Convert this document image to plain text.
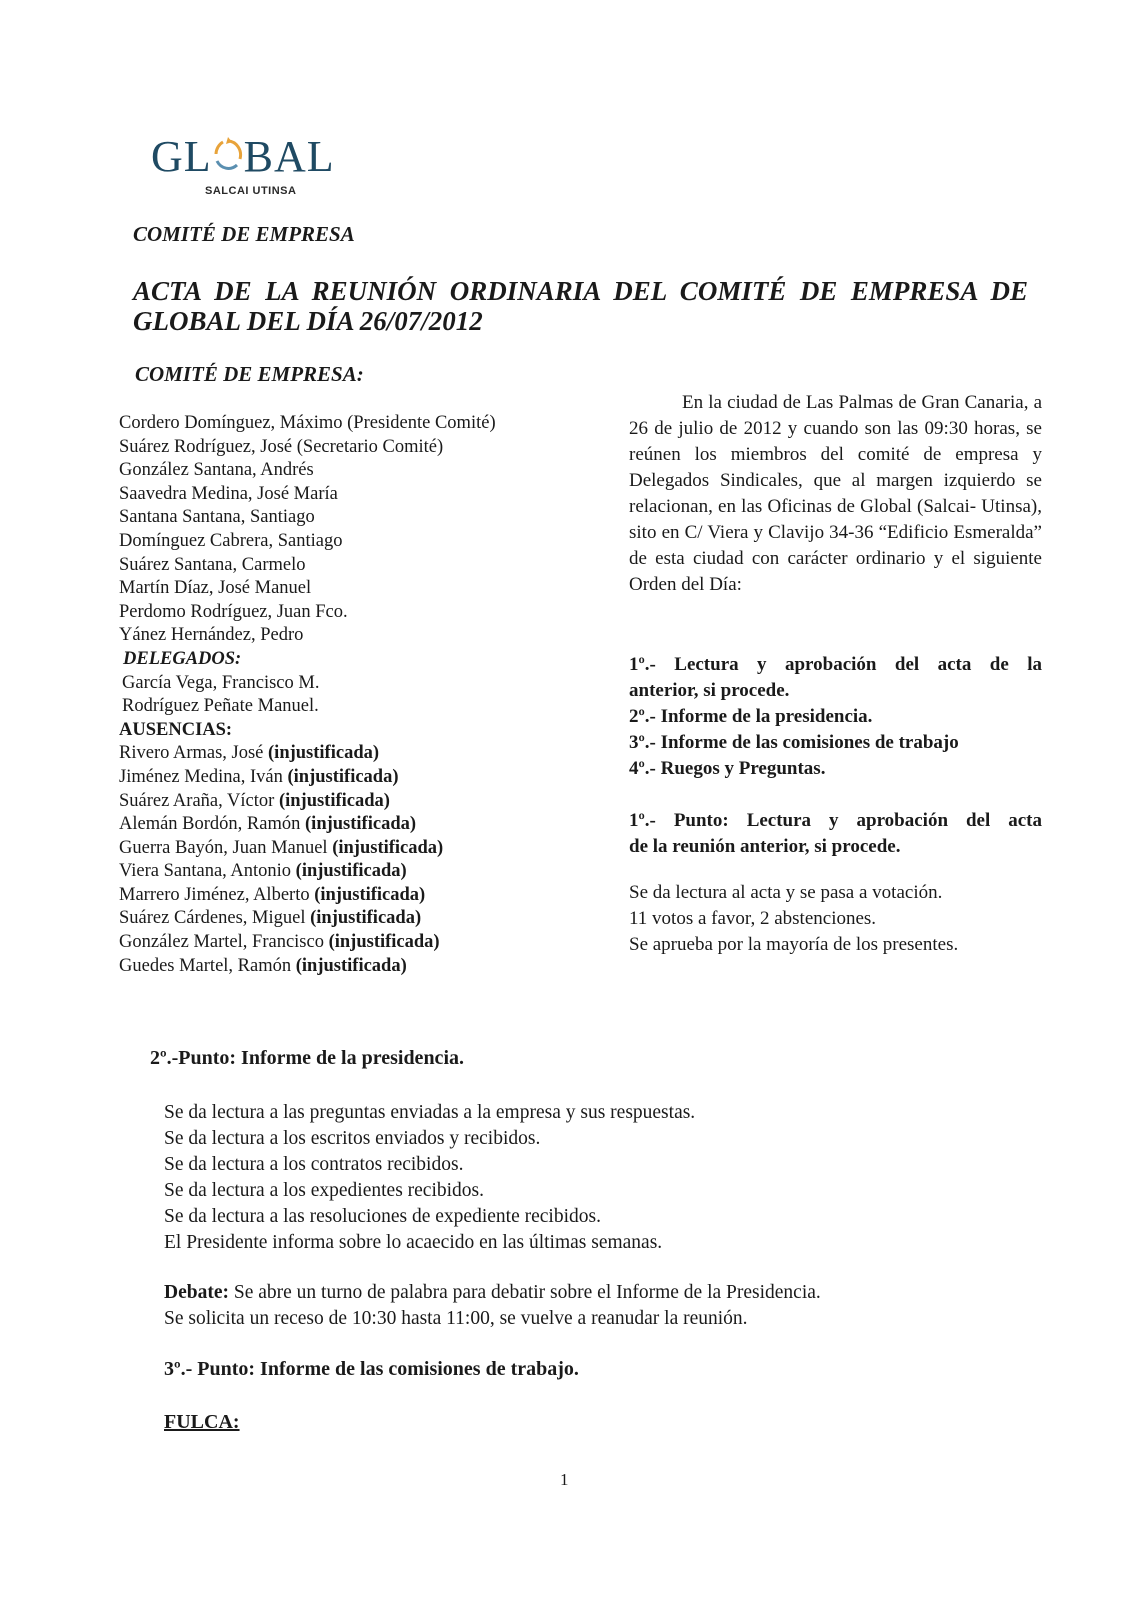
GL BAL
SALCAI UTINSA
COMITÉ DE EMPRESA
ACTA DE LA REUNIÓN ORDINARIA DEL COMITÉ DE EMPRESA DE
GLOBAL DEL DÍA 26/07/2012
COMITÉ DE EMPRESA:
Cordero Domínguez, Máximo (Presidente Comité)
Suárez Rodríguez, José (Secretario Comité)
González Santana, Andrés
Saavedra Medina, José María
Santana Santana, Santiago
Domínguez Cabrera, Santiago
Suárez Santana, Carmelo
Martín Díaz, José Manuel
Perdomo Rodríguez, Juan Fco.
Yánez Hernández, Pedro
DELEGADOS:
García Vega, Francisco M.
Rodríguez Peñate Manuel.
AUSENCIAS:
Rivero Armas, José (injustificada)
Jiménez Medina, Iván (injustificada)
Suárez Araña, Víctor (injustificada)
Alemán Bordón, Ramón (injustificada)
Guerra Bayón, Juan Manuel (injustificada)
Viera Santana, Antonio (injustificada)
Marrero Jiménez, Alberto (injustificada)
Suárez Cárdenes, Miguel (injustificada)
González Martel, Francisco (injustificada)
Guedes Martel, Ramón (injustificada)
En la ciudad de Las Palmas de Gran Canaria, a 26 de julio de 2012 y cuando son las 09:30 horas, se reúnen los miembros del comité de empresa y Delegados Sindicales, que al margen izquierdo se relacionan, en las Oficinas de Global (Salcai- Utinsa), sito en C/ Viera y Clavijo 34-36 “Edificio Esmeralda” de esta ciudad con carácter ordinario y el siguiente Orden del Día:
1º.- Lectura y aprobación del acta de la
anterior, si procede.
2º.- Informe de la presidencia.
3º.- Informe de las comisiones de trabajo
4º.- Ruegos y Preguntas.
1º.- Punto: Lectura y aprobación del acta
de la reunión anterior, si procede.
Se da lectura al acta y se pasa a votación.
11 votos a favor, 2 abstenciones.
Se aprueba por la mayoría de los presentes.
2º.-Punto: Informe de la presidencia.
Se da lectura a las preguntas enviadas a la empresa y sus respuestas.
Se da lectura a los escritos enviados y recibidos.
Se da lectura a los contratos recibidos.
Se da lectura a los expedientes recibidos.
Se da lectura a las resoluciones de expediente recibidos.
El Presidente informa sobre lo acaecido en las últimas semanas.
Debate: Se abre un turno de palabra para debatir sobre el Informe de la Presidencia.
Se solicita un receso de 10:30 hasta 11:00, se vuelve a reanudar la reunión.
3º.- Punto: Informe de las comisiones de trabajo.
FULCA:
1
